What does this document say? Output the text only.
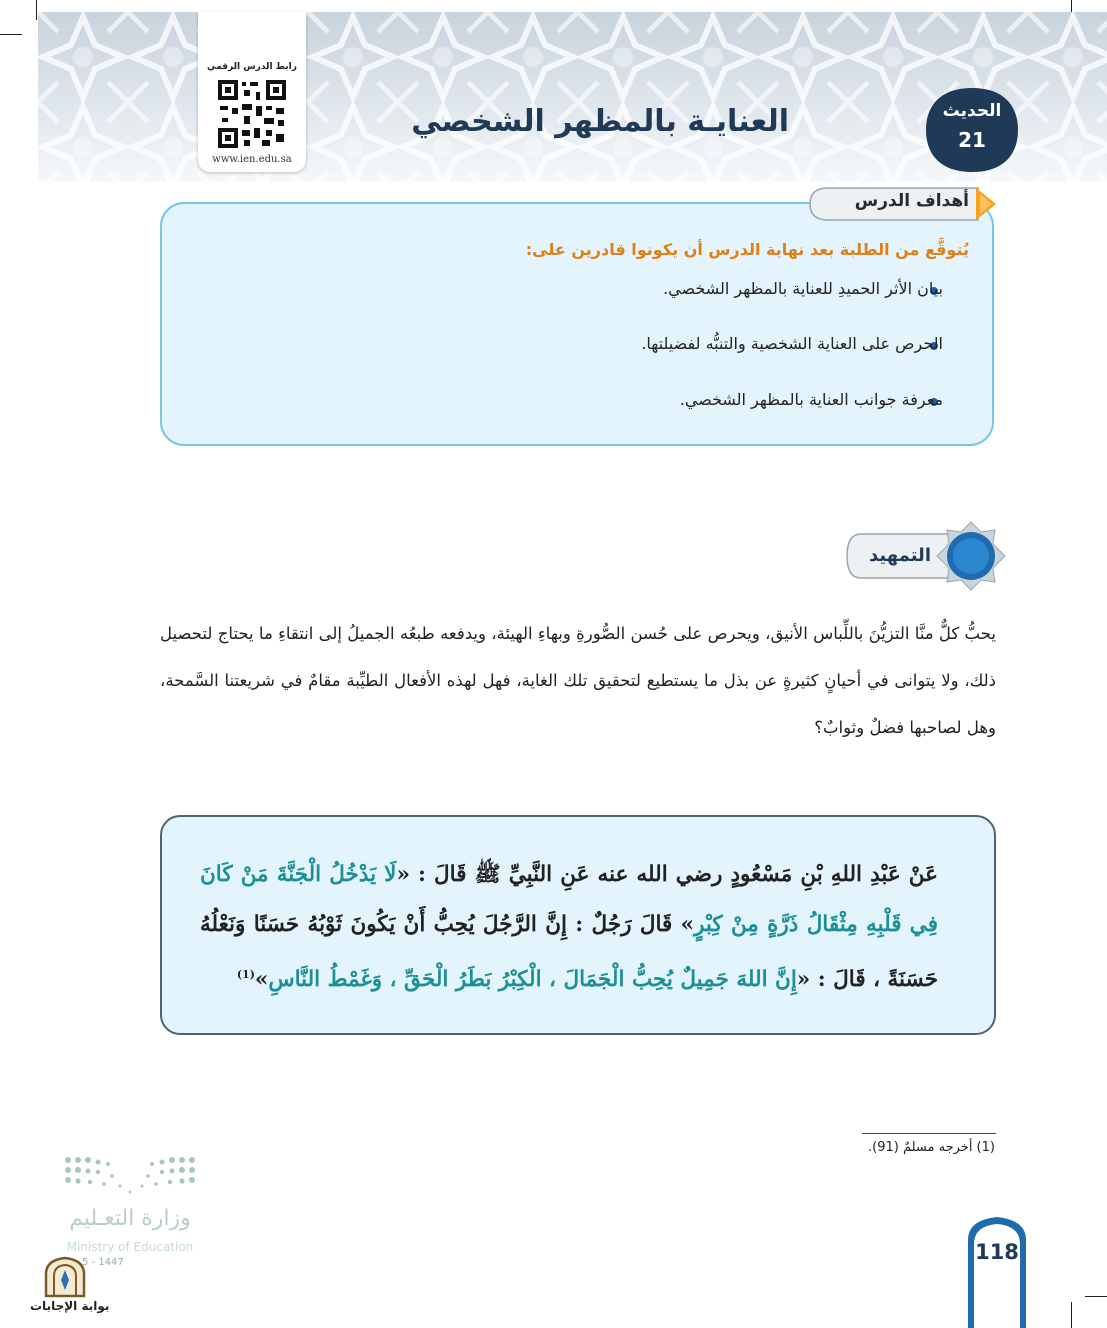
رابط الدرس الرقمي
www.ien.edu.sa
العنايـة بالمظهر الشخصي	الحديث
21
أهداف الدرس
يُتوقَّع من الطلبة بعد نهاية الدرس أن يكونوا قادرين على:
بيان الأثر الحميدِ للعناية بالمظهر الشخصي.
الحرص على العناية الشخصية والتنبُّه لفضيلتها.
معرفة جوانب العناية بالمظهر الشخصي.
التمهيد
يحبُّ كلٌّ منَّا التزيُّنَ باللِّباس الأنيق، ويحرص على حُسن الصُّورةِ وبهاءِ الهيئة، ويدفعه طبعُه الجميلُ إلى انتقاءِ ما يحتاج لتحصيل ذلك، ولا يتوانى في أحيانٍ كثيرةٍ عن بذل ما يستطيع لتحقيق تلك الغاية، فهل لهذه الأفعال الطيِّبة مقامٌ في شريعتنا السَّمحة، وهل لصاحبها فضلٌ وثوابٌ؟
عَنْ عَبْدِ اللهِ بْنِ مَسْعُودٍ رضي الله عنه عَنِ النَّبِيِّ ﷺ قَالَ : «لَا يَدْخُلُ الْجَنَّةَ مَنْ كَانَ فِي قَلْبِهِ مِثْقَالُ ذَرَّةٍ مِنْ كِبْرٍ» قَالَ رَجُلٌ : إِنَّ الرَّجُلَ يُحِبُّ أَنْ يَكُونَ ثَوْبُهُ حَسَنًا وَنَعْلُهُ حَسَنَةً ، قَالَ : «إِنَّ اللهَ جَمِيلٌ يُحِبُّ الْجَمَالَ ، الْكِبْرُ بَطَرُ الْحَقِّ ، وَغَمْطُ النَّاسِ»$^{(1)}$
(1) أخرجه مسلمٌ (91).
وزارة التعـليم
Ministry of Education
5 - 1447
بوابة الإجابات
118
